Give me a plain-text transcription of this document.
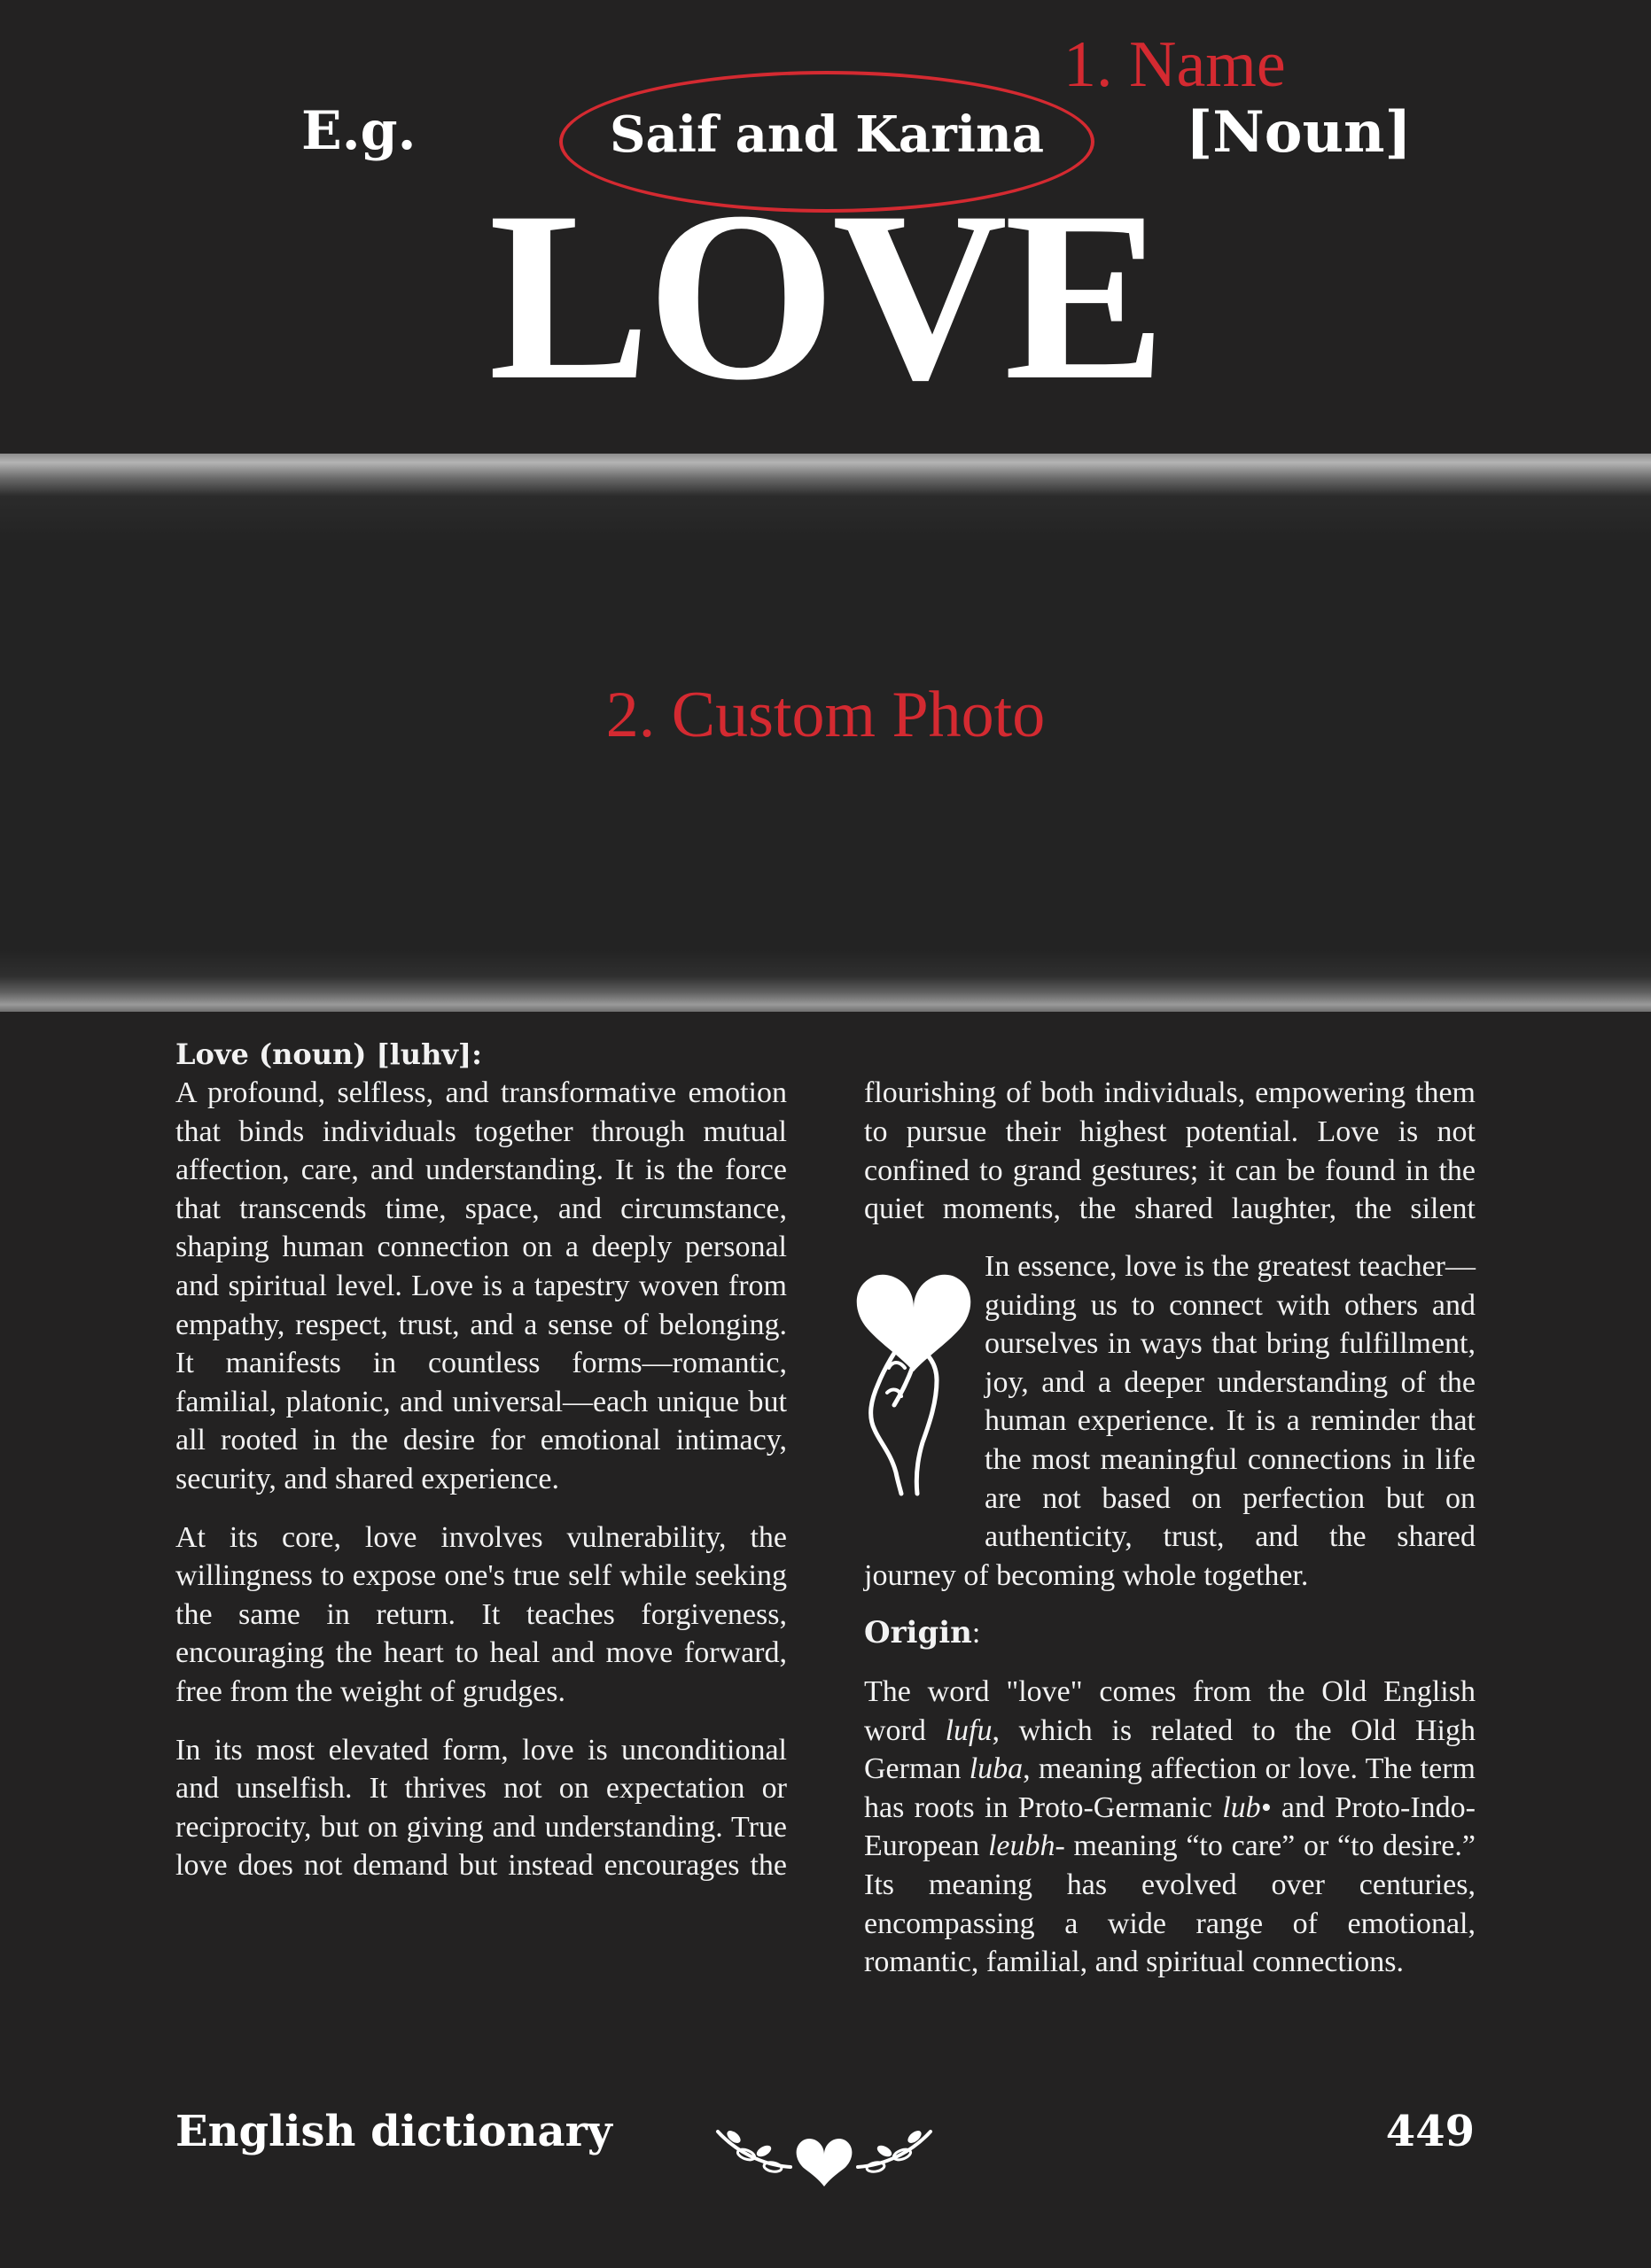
E.g.	Saif and Karina
1. Name
[Noun]
LOVE
2. Custom Photo
Love (noun) [luhv]:

A profound, selfless, and transformative emotion that binds individuals together through mutual affection, care, and understanding. It is the force that transcends time, space, and circumstance, shaping human connection on a deeply personal and spiritual level. Love is a tapestry woven from empathy, respect, trust, and a sense of belonging. It manifests in countless forms—romantic, familial, platonic, and universal—each unique but all rooted in the desire for emotional intimacy, security, and shared experience.

At its core, love involves vulnerability, the willingness to expose one's true self while seeking the same in return. It teaches forgiveness, encouraging the heart to heal and move forward, free from the weight of grudges.

In its most elevated form, love is unconditional and unselfish. It thrives not on expectation or reciprocity, but on giving and understanding. True love does not demand but instead encourages the

flourishing of both individuals, empowering them to pursue their highest potential. Love is not confined to grand gestures; it can be found in the quiet moments, the shared laughter, the silent

In essence, love is the greatest teacher—guiding us to connect with others and ourselves in ways that bring fulfillment, joy, and a deeper understanding of the human experience. It is a reminder that the most meaningful connections in life are not based on perfection but on authenticity, trust, and the shared journey of becoming whole together.

Origin:

The word "love" comes from the Old English word lufu, which is related to the Old High German luba, meaning affection or love. The term has roots in Proto-Germanic lub• and Proto-Indo-European leubh- meaning “to care” or “to desire.” Its meaning has evolved over centuries, encompassing a wide range of emotional, romantic, familial, and spiritual connections.

English dictionary	449
